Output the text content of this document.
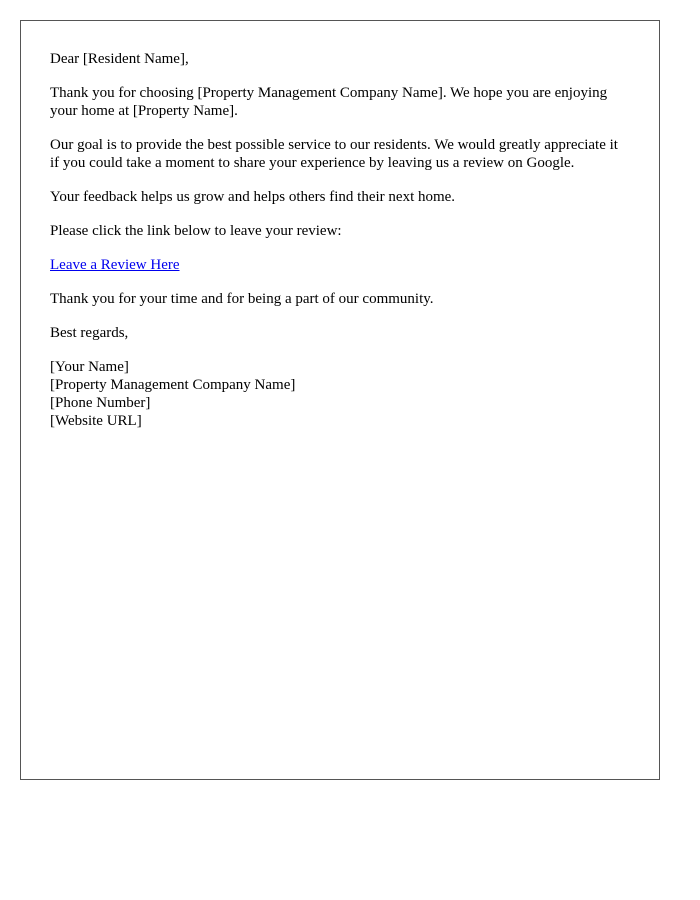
Dear [Resident Name],

Thank you for choosing [Property Management Company Name]. We hope you are enjoying your home at [Property Name].

Our goal is to provide the best possible service to our residents. We would greatly appreciate it if you could take a moment to share your experience by leaving us a review on Google.

Your feedback helps us grow and helps others find their next home.

Please click the link below to leave your review:

Leave a Review Here

Thank you for your time and for being a part of our community.

Best regards,

[Your Name]
[Property Management Company Name]
[Phone Number]
[Website URL]
